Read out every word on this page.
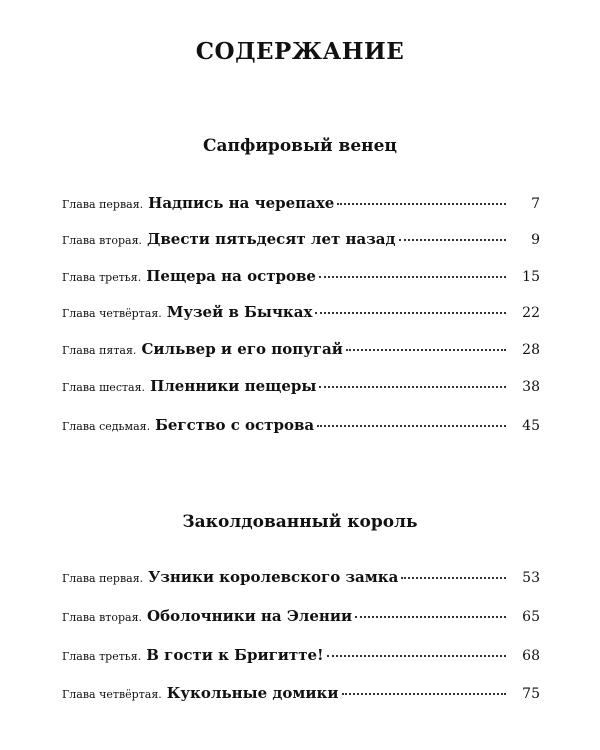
СОДЕРЖАНИЕ
Сапфировый венец
Глава первая. Надпись на черепахе	7
Глава вторая. Двести пятьдесят лет назад	9
Глава третья. Пещера на острове	15
Глава четвёртая. Музей в Бычках	22
Глава пятая. Сильвер и его попугай	28
Глава шестая. Пленники пещеры	38
Глава седьмая. Бегство с острова	45
Заколдованный король
Глава первая. Узники королевского замка	53
Глава вторая. Оболочники на Элении	65
Глава третья. В гости к Бригитте!	68
Глава четвёртая. Кукольные домики	75
